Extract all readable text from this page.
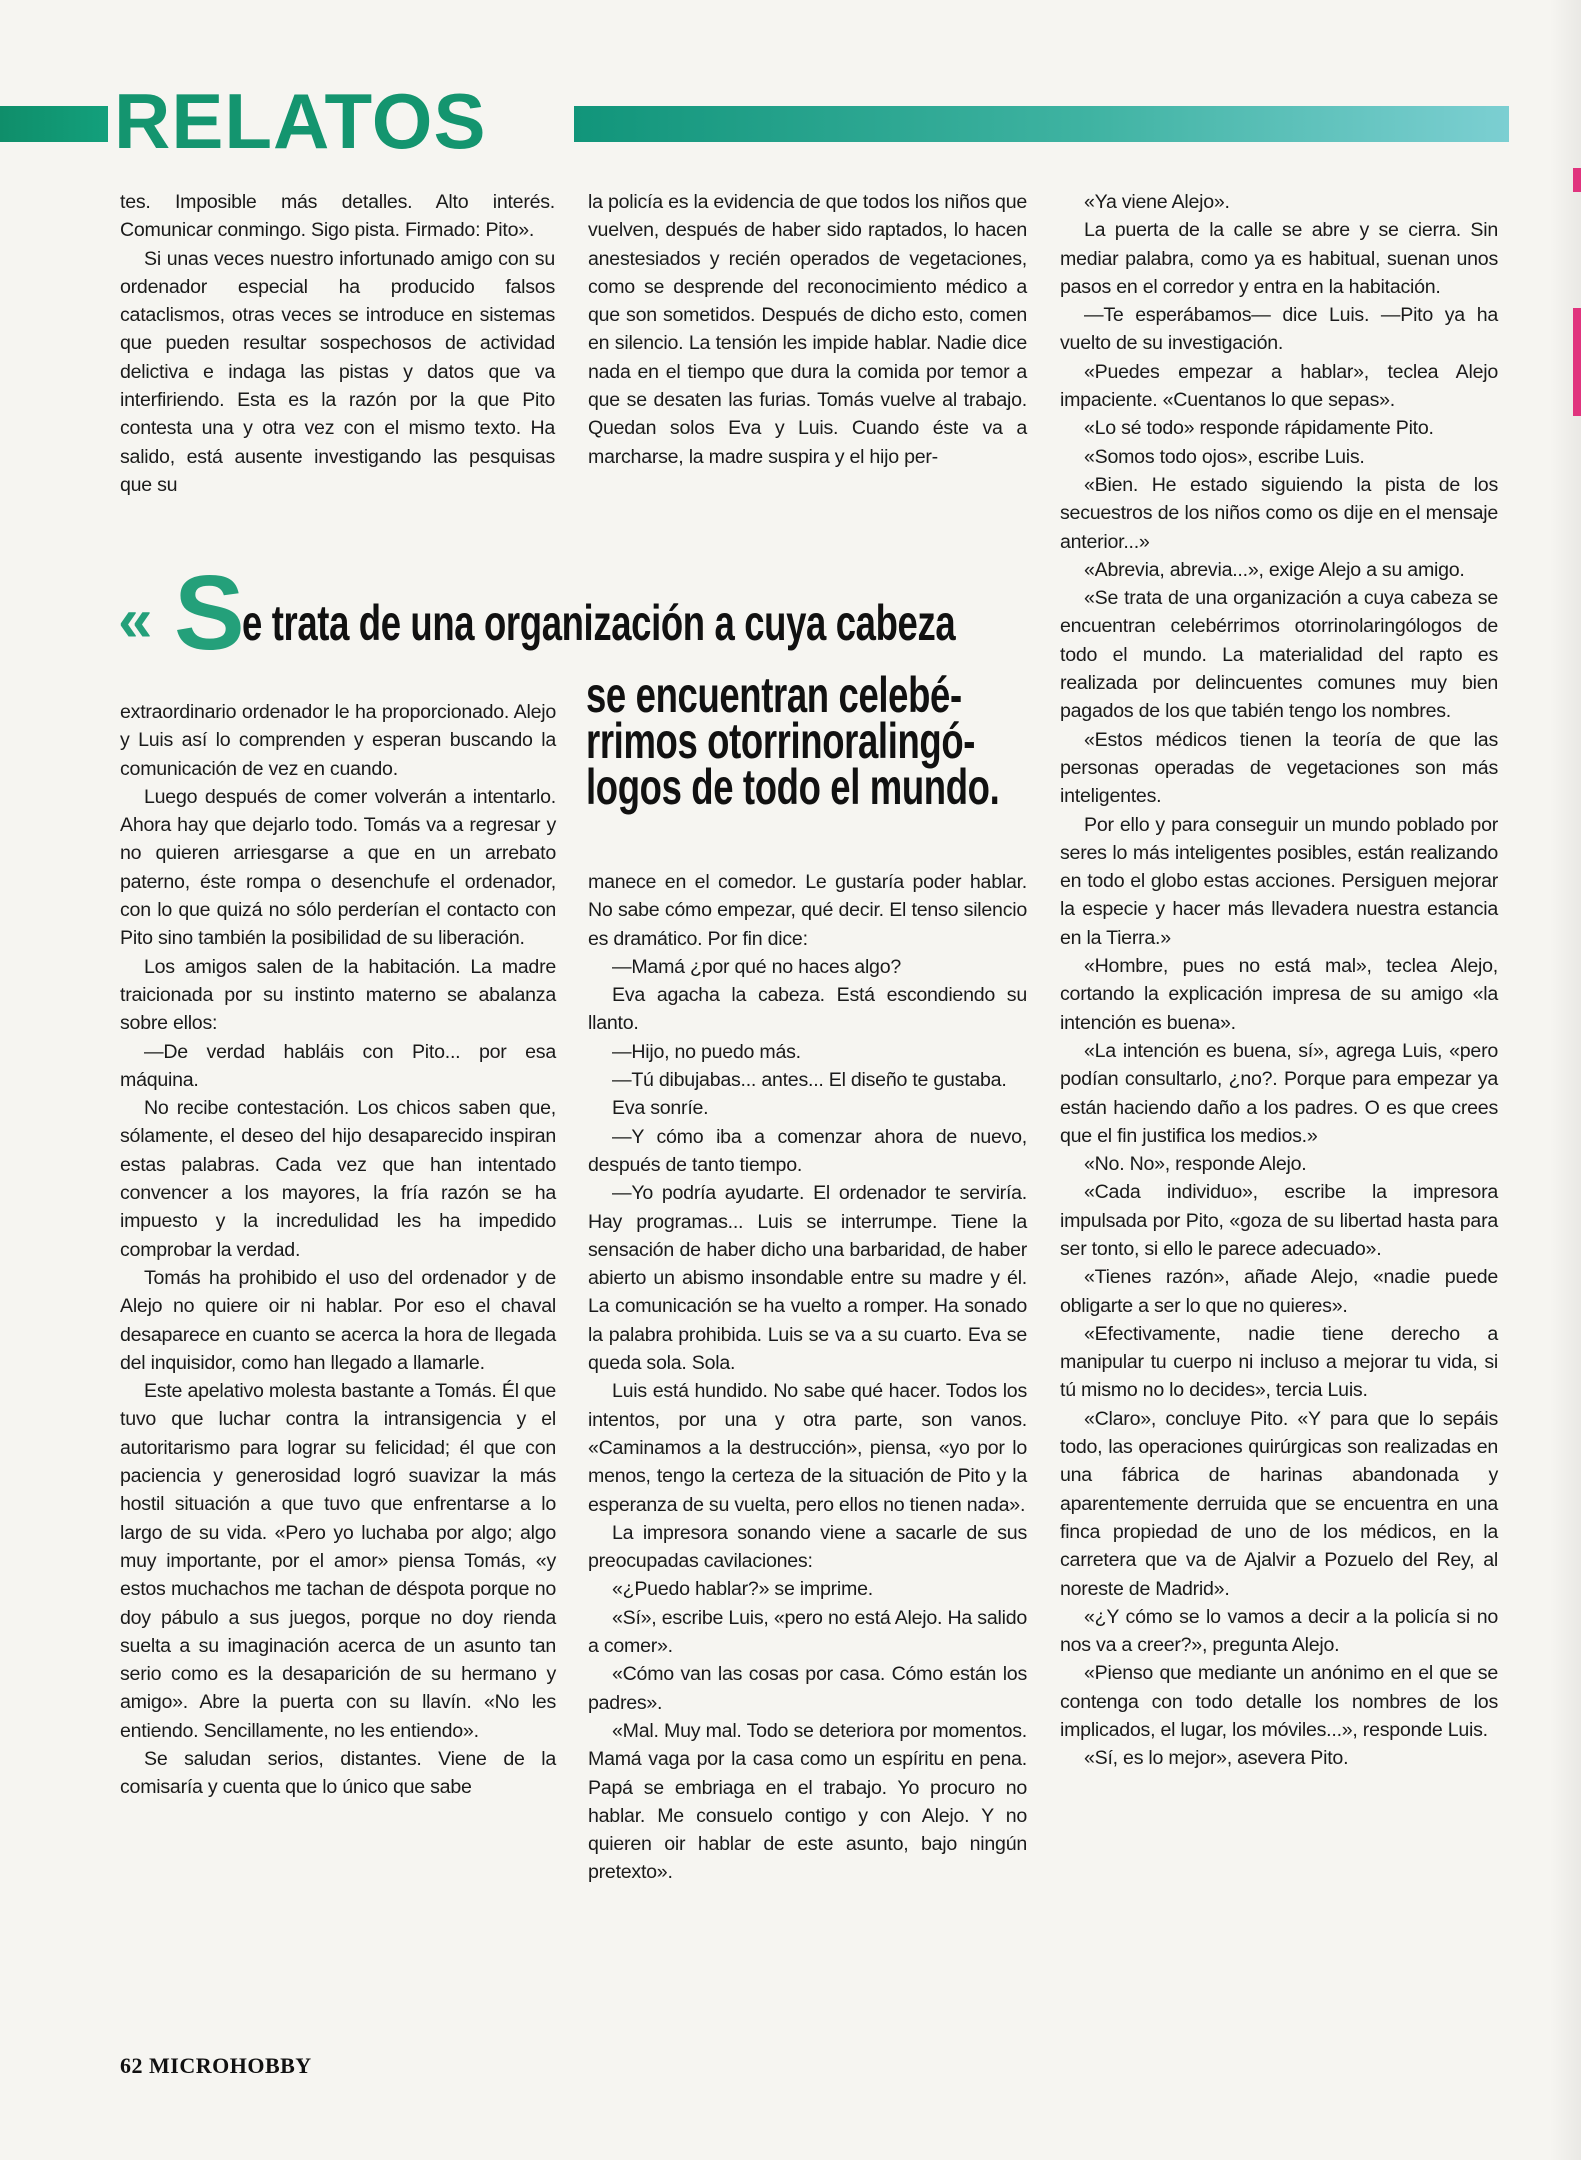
RELATOS

tes. Imposible más detalles. Alto interés. Comunicar conmingo. Sigo pista. Firmado: Pito».

Si unas veces nuestro infortunado amigo con su ordenador especial ha producido falsos cataclismos, otras veces se introduce en sistemas que pueden resultar sospechosos de actividad delictiva e indaga las pistas y datos que va interfiriendo. Esta es la razón por la que Pito contesta una y otra vez con el mismo texto. Ha salido, está ausente investigando las pesquisas que su

la policía es la evidencia de que todos los niños que vuelven, después de haber sido raptados, lo hacen anestesiados y recién operados de vegetaciones, como se desprende del reconocimiento médico a que son sometidos. Después de dicho esto, comen en silencio. La tensión les impide hablar. Nadie dice nada en el tiempo que dura la comida por temor a que se desaten las furias. Tomás vuelve al trabajo. Quedan solos Eva y Luis. Cuando éste va a marcharse, la madre suspira y el hijo per-

« S
e trata de una organización a cuya cabeza
se encuentran celebé-
rrimos otorrinoralingó-
logos de todo el mundo.

extraordinario ordenador le ha proporcionado. Alejo y Luis así lo comprenden y esperan buscando la comunicación de vez en cuando.

Luego después de comer volverán a intentarlo. Ahora hay que dejarlo todo. Tomás va a regresar y no quieren arriesgarse a que en un arrebato paterno, éste rompa o desenchufe el ordenador, con lo que quizá no sólo perderían el contacto con Pito sino también la posibilidad de su liberación.

Los amigos salen de la habitación. La madre traicionada por su instinto materno se abalanza sobre ellos:

—De verdad habláis con Pito... por esa máquina.

No recibe contestación. Los chicos saben que, sólamente, el deseo del hijo desaparecido inspiran estas palabras. Cada vez que han intentado convencer a los mayores, la fría razón se ha impuesto y la incredulidad les ha impedido comprobar la verdad.

Tomás ha prohibido el uso del ordenador y de Alejo no quiere oir ni hablar. Por eso el chaval desaparece en cuanto se acerca la hora de llegada del inquisidor, como han llegado a llamarle.

Este apelativo molesta bastante a Tomás. Él que tuvo que luchar contra la intransigencia y el autoritarismo para lograr su felicidad; él que con paciencia y generosidad logró suavizar la más hostil situación a que tuvo que enfrentarse a lo largo de su vida. «Pero yo luchaba por algo; algo muy importante, por el amor» piensa Tomás, «y estos muchachos me tachan de déspota porque no doy pábulo a sus juegos, porque no doy rienda suelta a su imaginación acerca de un asunto tan serio como es la desaparición de su hermano y amigo». Abre la puerta con su llavín. «No les entiendo. Sencillamente, no les entiendo».

Se saludan serios, distantes. Viene de la comisaría y cuenta que lo único que sabe

manece en el comedor. Le gustaría poder hablar. No sabe cómo empezar, qué decir. El tenso silencio es dramático. Por fin dice:

—Mamá ¿por qué no haces algo?

Eva agacha la cabeza. Está escondiendo su llanto.

—Hijo, no puedo más.

—Tú dibujabas... antes... El diseño te gustaba.

Eva sonríe.

—Y cómo iba a comenzar ahora de nuevo, después de tanto tiempo.

—Yo podría ayudarte. El ordenador te serviría. Hay programas... Luis se interrumpe. Tiene la sensación de haber dicho una barbaridad, de haber abierto un abismo insondable entre su madre y él. La comunicación se ha vuelto a romper. Ha sonado la palabra prohibida. Luis se va a su cuarto. Eva se queda sola. Sola.

Luis está hundido. No sabe qué hacer. Todos los intentos, por una y otra parte, son vanos. «Caminamos a la destrucción», piensa, «yo por lo menos, tengo la certeza de la situación de Pito y la esperanza de su vuelta, pero ellos no tienen nada».

La impresora sonando viene a sacarle de sus preocupadas cavilaciones:

«¿Puedo hablar?» se imprime.

«Sí», escribe Luis, «pero no está Alejo. Ha salido a comer».

«Cómo van las cosas por casa. Cómo están los padres».

«Mal. Muy mal. Todo se deteriora por momentos. Mamá vaga por la casa como un espíritu en pena. Papá se embriaga en el trabajo. Yo procuro no hablar. Me consuelo contigo y con Alejo. Y no quieren oir hablar de este asunto, bajo ningún pretexto».

«Ya viene Alejo».

La puerta de la calle se abre y se cierra. Sin mediar palabra, como ya es habitual, suenan unos pasos en el corredor y entra en la habitación.

—Te esperábamos— dice Luis. —Pito ya ha vuelto de su investigación.

«Puedes empezar a hablar», teclea Alejo impaciente. «Cuentanos lo que sepas».

«Lo sé todo» responde rápidamente Pito.

«Somos todo ojos», escribe Luis.

«Bien. He estado siguiendo la pista de los secuestros de los niños como os dije en el mensaje anterior...»

«Abrevia, abrevia...», exige Alejo a su amigo.

«Se trata de una organización a cuya cabeza se encuentran celebérrimos otorrinolaringólogos de todo el mundo. La materialidad del rapto es realizada por delincuentes comunes muy bien pagados de los que tabién tengo los nombres.

«Estos médicos tienen la teoría de que las personas operadas de vegetaciones son más inteligentes.

Por ello y para conseguir un mundo poblado por seres lo más inteligentes posibles, están realizando en todo el globo estas acciones. Persiguen mejorar la especie y hacer más llevadera nuestra estancia en la Tierra.»

«Hombre, pues no está mal», teclea Alejo, cortando la explicación impresa de su amigo «la intención es buena».

«La intención es buena, sí», agrega Luis, «pero podían consultarlo, ¿no?. Porque para empezar ya están haciendo daño a los padres. O es que crees que el fin justifica los medios.»

«No. No», responde Alejo.

«Cada individuo», escribe la impresora impulsada por Pito, «goza de su libertad hasta para ser tonto, si ello le parece adecuado».

«Tienes razón», añade Alejo, «nadie puede obligarte a ser lo que no quieres».

«Efectivamente, nadie tiene derecho a manipular tu cuerpo ni incluso a mejorar tu vida, si tú mismo no lo decides», tercia Luis.

«Claro», concluye Pito. «Y para que lo sepáis todo, las operaciones quirúrgicas son realizadas en una fábrica de harinas abandonada y aparentemente derruida que se encuentra en una finca propiedad de uno de los médicos, en la carretera que va de Ajalvir a Pozuelo del Rey, al noreste de Madrid».

«¿Y cómo se lo vamos a decir a la policía si no nos va a creer?», pregunta Alejo.

«Pienso que mediante un anónimo en el que se contenga con todo detalle los nombres de los implicados, el lugar, los móviles...», responde Luis.

«Sí, es lo mejor», asevera Pito.

62 MICROHOBBY
